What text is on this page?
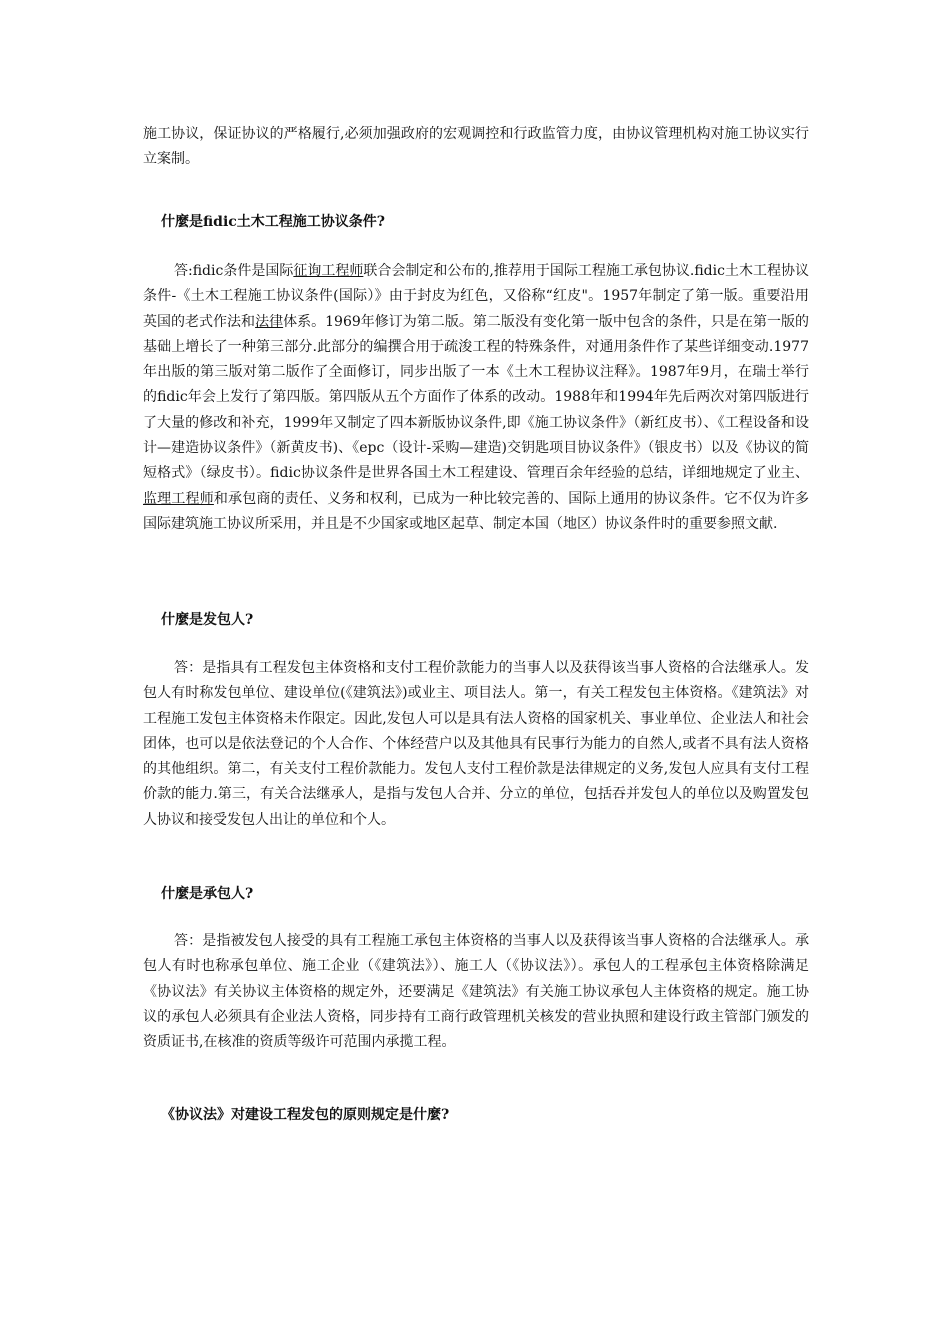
施工协议，保证协议的严格履行,必须加强政府的宏观调控和行政监管力度，由协议管理机构对施工协议实行立案制。

什麼是fidic土木工程施工协议条件?

答:fidic条件是国际征询工程师联合会制定和公布的,推荐用于国际工程施工承包协议.fidic土木工程协议条件-《土木工程施工协议条件(国际）》由于封皮为红色，又俗称“红皮"。1957年制定了第一版。重要沿用英国的老式作法和法律体系。1969年修订为第二版。第二版没有变化第一版中包含的条件，只是在第一版的基础上增长了一种第三部分.此部分的编撰合用于疏浚工程的特殊条件，对通用条件作了某些详细变动.1977年出版的第三版对第二版作了全面修订，同步出版了一本《土木工程协议注释》。1987年9月，在瑞士举行的fidic年会上发行了第四版。第四版从五个方面作了体系的改动。1988年和1994年先后两次对第四版进行了大量的修改和补充，1999年又制定了四本新版协议条件,即《施工协议条件》（新红皮书）、《工程设备和设计—建造协议条件》（新黄皮书)、《epc（设计-采购—建造)交钥匙项目协议条件》（银皮书）以及《协议的简短格式》（绿皮书）。fidic协议条件是世界各国土木工程建设、管理百余年经验的总结，详细地规定了业主、监理工程师和承包商的责任、义务和权利，已成为一种比较完善的、国际上通用的协议条件。它不仅为许多国际建筑施工协议所采用，并且是不少国家或地区起草、制定本国（地区）协议条件时的重要参照文献.

什麼是发包人?

答：是指具有工程发包主体资格和支付工程价款能力的当事人以及获得该当事人资格的合法继承人。发包人有时称发包单位、建设单位(《建筑法》)或业主、项目法人。第一，有关工程发包主体资格。《建筑法》对工程施工发包主体资格未作限定。因此,发包人可以是具有法人资格的国家机关、事业单位、企业法人和社会团体，也可以是依法登记的个人合作、个体经营户以及其他具有民事行为能力的自然人,或者不具有法人资格的其他组织。第二，有关支付工程价款能力。发包人支付工程价款是法律规定的义务,发包人应具有支付工程价款的能力.第三，有关合法继承人，是指与发包人合并、分立的单位，包括吞并发包人的单位以及购置发包人协议和接受发包人出让的单位和个人。

什麼是承包人?

答：是指被发包人接受的具有工程施工承包主体资格的当事人以及获得该当事人资格的合法继承人。承包人有时也称承包单位、施工企业（《建筑法》）、施工人（《协议法》）。承包人的工程承包主体资格除满足《协议法》有关协议主体资格的规定外，还要满足《建筑法》有关施工协议承包人主体资格的规定。施工协议的承包人必须具有企业法人资格，同步持有工商行政管理机关核发的营业执照和建设行政主管部门颁发的资质证书,在核准的资质等级许可范围内承揽工程。

《协议法》对建设工程发包的原则规定是什麼?
